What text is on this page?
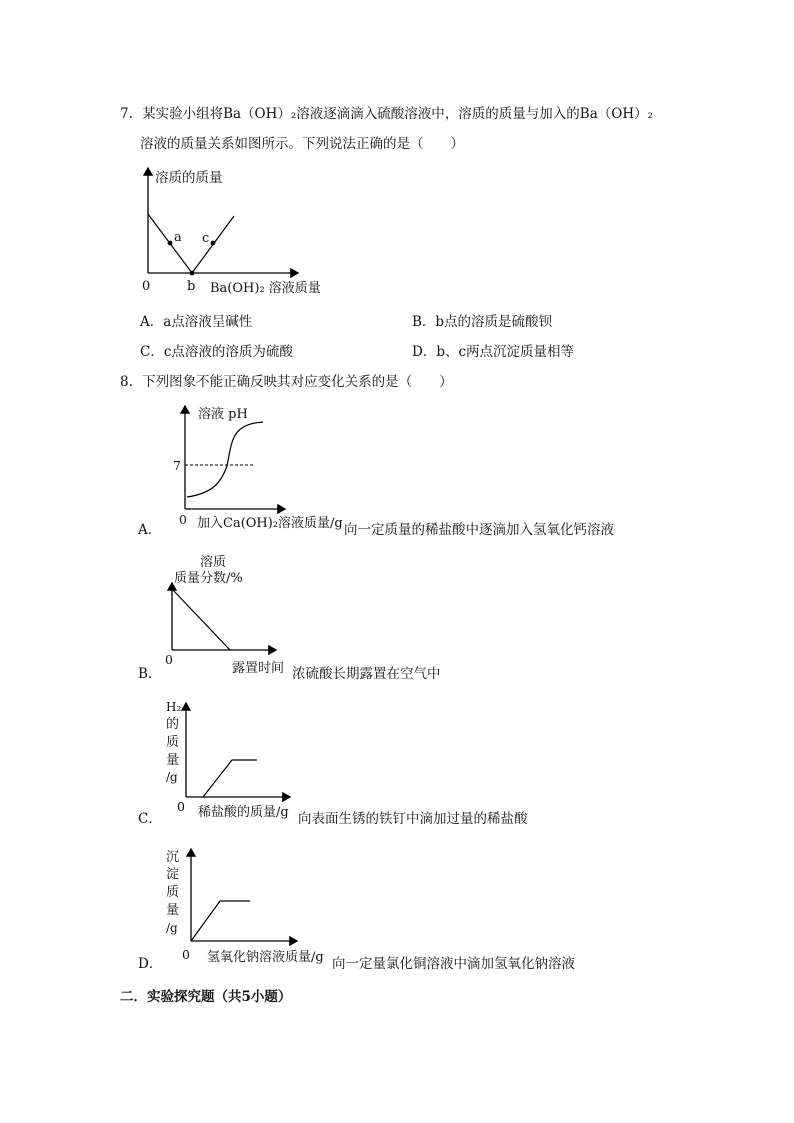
7．某实验小组将Ba（OH）₂溶液逐滴滴入硫酸溶液中，溶质的质量与加入的Ba（OH）₂
溶液的质量关系如图所示。下列说法正确的是（　　）
溶质的质量
a c
b
0	Ba(OH)₂ 溶液质量
A．a点溶液呈碱性	B．b点的溶质是硫酸钡
C．c点溶液的溶质为硫酸	D．b、c两点沉淀质量相等
8．下列图象不能正确反映其对应变化关系的是（　　）
溶液 pH
7
0 加入Ca(OH)₂溶液质量/g
A．	向一定质量的稀盐酸中逐滴加入氢氧化钙溶液
溶质
质量分数/%
0
露置时间
B．	浓硫酸长期露置在空气中
H₂
的
质
量
/g
0 稀盐酸的质量/g
C．	向表面生锈的铁钉中滴加过量的稀盐酸
沉
淀
质
量
/g
0 氢氧化钠溶液质量/g
D．	向一定量氯化铜溶液中滴加氢氧化钠溶液
二．实验探究题（共5小题）
